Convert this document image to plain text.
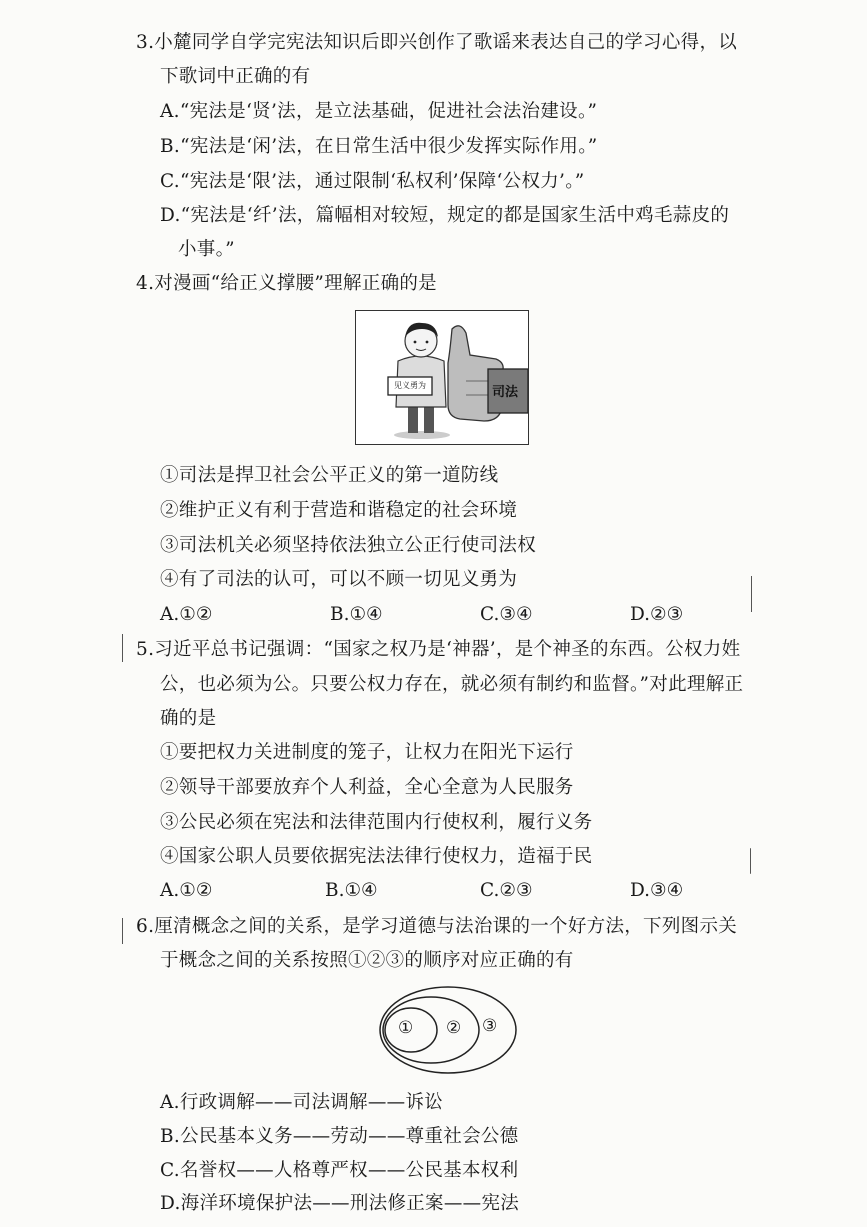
3.小麓同学自学完宪法知识后即兴创作了歌谣来表达自己的学习心得，以
下歌词中正确的有
A.“宪法是‘贤’法，是立法基础，促进社会法治建设。”
B.“宪法是‘闲’法，在日常生活中很少发挥实际作用。”
C.“宪法是‘限’法，通过限制‘私权利’保障‘公权力’。”
D.“宪法是‘纤’法，篇幅相对较短，规定的都是国家生活中鸡毛蒜皮的
小事。”
4.对漫画“给正义撑腰”理解正确的是
见义勇为	司法
①司法是捍卫社会公平正义的第一道防线
②维护正义有利于营造和谐稳定的社会环境
③司法机关必须坚持依法独立公正行使司法权
④有了司法的认可，可以不顾一切见义勇为
A.①②	B.①④	C.③④	D.②③
5.习近平总书记强调：“国家之权乃是‘神器’，是个神圣的东西。公权力姓
公，也必须为公。只要公权力存在，就必须有制约和监督。”对此理解正
确的是
①要把权力关进制度的笼子，让权力在阳光下运行
②领导干部要放弃个人利益，全心全意为人民服务
③公民必须在宪法和法律范围内行使权利，履行义务
④国家公职人员要依据宪法法律行使权力，造福于民
A.①②	B.①④	C.②③	D.③④
6.厘清概念之间的关系，是学习道德与法治课的一个好方法，下列图示关
于概念之间的关系按照①②③的顺序对应正确的有
① ② ③
A.行政调解——司法调解——诉讼
B.公民基本义务——劳动——尊重社会公德
C.名誉权——人格尊严权——公民基本权利
D.海洋环境保护法——刑法修正案——宪法
